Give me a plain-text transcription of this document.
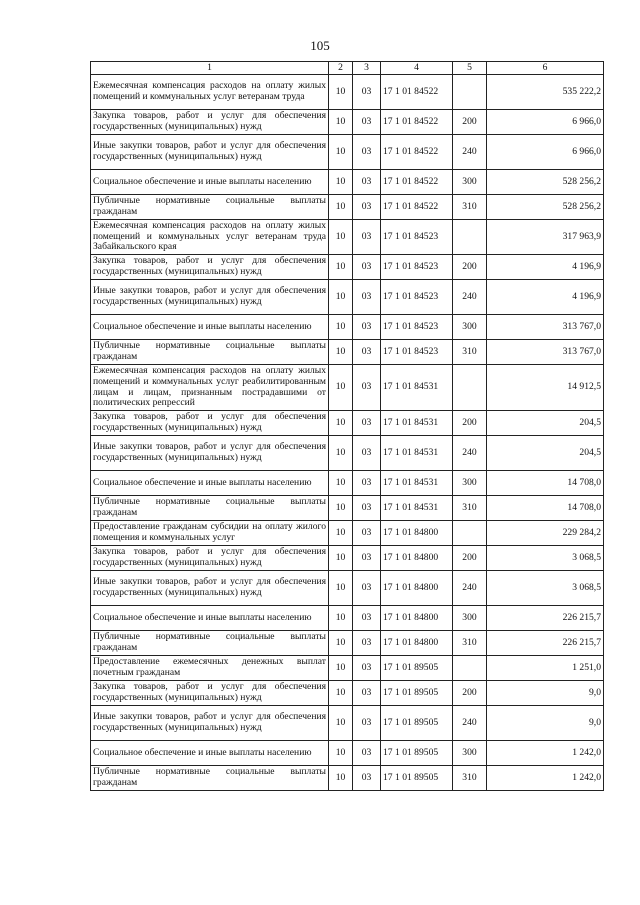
105
1	2	3	4	5	6
Ежемесячная компенсация расходов на оплату жилых помещений и коммунальных услуг ветеранам труда	10	03	17 1 01 84522		535 222,2
Закупка товаров, работ и услуг для обеспечения государственных (муниципальных) нужд	10	03	17 1 01 84522	200	6 966,0
Иные закупки товаров, работ и услуг для обеспечения государственных (муниципальных) нужд	10	03	17 1 01 84522	240	6 966,0
Социальное обеспечение и иные выплаты населению	10	03	17 1 01 84522	300	528 256,2
Публичные нормативные социальные выплаты гражданам	10	03	17 1 01 84522	310	528 256,2
Ежемесячная компенсация расходов на оплату жилых помещений и коммунальных услуг ветеранам труда Забайкальского края	10	03	17 1 01 84523		317 963,9
Закупка товаров, работ и услуг для обеспечения государственных (муниципальных) нужд	10	03	17 1 01 84523	200	4 196,9
Иные закупки товаров, работ и услуг для обеспечения государственных (муниципальных) нужд	10	03	17 1 01 84523	240	4 196,9
Социальное обеспечение и иные выплаты населению	10	03	17 1 01 84523	300	313 767,0
Публичные нормативные социальные выплаты гражданам	10	03	17 1 01 84523	310	313 767,0
Ежемесячная компенсация расходов на оплату жилых помещений и коммунальных услуг реабилитированным лицам и лицам, признанным пострадавшими от политических репрессий	10	03	17 1 01 84531		14 912,5
Закупка товаров, работ и услуг для обеспечения государственных (муниципальных) нужд	10	03	17 1 01 84531	200	204,5
Иные закупки товаров, работ и услуг для обеспечения государственных (муниципальных) нужд	10	03	17 1 01 84531	240	204,5
Социальное обеспечение и иные выплаты населению	10	03	17 1 01 84531	300	14 708,0
Публичные нормативные социальные выплаты гражданам	10	03	17 1 01 84531	310	14 708,0
Предоставление гражданам субсидии на оплату жилого помещения и коммунальных услуг	10	03	17 1 01 84800		229 284,2
Закупка товаров, работ и услуг для обеспечения государственных (муниципальных) нужд	10	03	17 1 01 84800	200	3 068,5
Иные закупки товаров, работ и услуг для обеспечения государственных (муниципальных) нужд	10	03	17 1 01 84800	240	3 068,5
Социальное обеспечение и иные выплаты населению	10	03	17 1 01 84800	300	226 215,7
Публичные нормативные социальные выплаты гражданам	10	03	17 1 01 84800	310	226 215,7
Предоставление ежемесячных денежных выплат почетным гражданам	10	03	17 1 01 89505		1 251,0
Закупка товаров, работ и услуг для обеспечения государственных (муниципальных) нужд	10	03	17 1 01 89505	200	9,0
Иные закупки товаров, работ и услуг для обеспечения государственных (муниципальных) нужд	10	03	17 1 01 89505	240	9,0
Социальное обеспечение и иные выплаты населению	10	03	17 1 01 89505	300	1 242,0
Публичные нормативные социальные выплаты гражданам	10	03	17 1 01 89505	310	1 242,0
